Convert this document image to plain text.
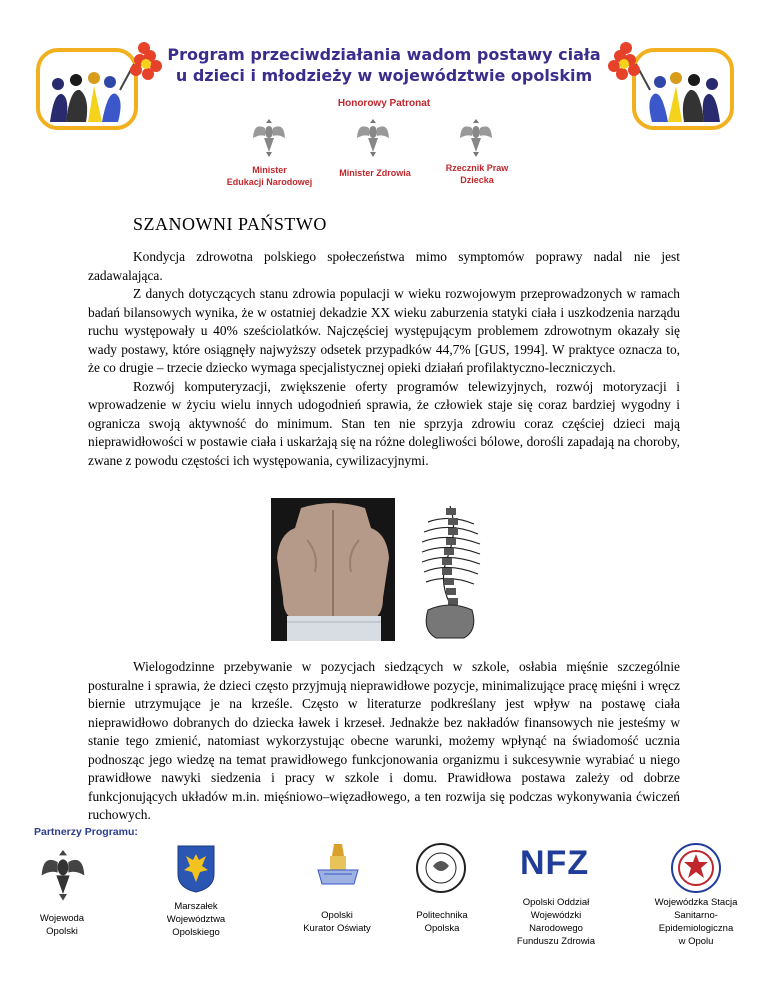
Program przeciwdziałania wadom postawy ciała
u dzieci i młodzieży w województwie opolskim
Honorowy Patronat
Minister
Edukacji Narodowej
Minister Zdrowia	Rzecznik Praw
Dziecka
SZANOWNI PAŃSTWO

Kondycja zdrowotna polskiego społeczeństwa mimo symptomów poprawy nadal nie jest zadawalająca.

Z danych dotyczących stanu zdrowia populacji w wieku rozwojowym przeprowadzonych w ramach badań bilansowych wynika, że w ostatniej dekadzie XX wieku zaburzenia statyki ciała i uszkodzenia narządu ruchu występowały u 40% sześciolatków. Najczęściej występującym problemem zdrowotnym okazały się wady postawy, które osiągnęły najwyższy odsetek przypadków 44,7% [GUS, 1994]. W praktyce oznacza to, że co drugie – trzecie dziecko wymaga specjalistycznej opieki działań profilaktyczno-leczniczych.

Rozwój komputeryzacji, zwiększenie oferty programów telewizyjnych, rozwój motoryzacji i wprowadzenie w życiu wielu innych udogodnień sprawia, że człowiek staje się coraz bardziej wygodny i ogranicza swoją aktywność do minimum. Stan ten nie sprzyja zdrowiu coraz częściej dzieci mają nieprawidłowości w postawie ciała i uskarżają się na różne dolegliwości bólowe, dorośli zapadają na choroby, zwane z powodu częstości ich występowania, cywilizacyjnymi.

Wielogodzinne przebywanie w pozycjach siedzących w szkole, osłabia mięśnie szczególnie posturalne i sprawia, że dzieci często przyjmują nieprawidłowe pozycje, minimalizujące pracę mięśni i wręcz biernie utrzymujące je na krześle. Często w literaturze podkreślany jest wpływ na postawę ciała nieprawidłowo dobranych do dziecka ławek i krzeseł. Jednakże bez nakładów finansowych nie jesteśmy w stanie tego zmienić, natomiast wykorzystując obecne warunki, możemy wpłynąć na świadomość ucznia podnosząc jego wiedzę na temat prawidłowego funkcjonowania organizmu i sukcesywnie wyrabiać u niego prawidłowe nawyki siedzenia i pracy w szkole i domu. Prawidłowa postawa zależy od dobrze funkcjonujących układów m.in. mięśniowo–więzadłowego, a ten rozwija się podczas wykonywania ćwiczeń ruchowych.

Partnerzy Programu:
NFZ
Wojewoda
Opolski
Marszałek
Województwa
Opolskiego
Opolski
Kurator Oświaty
Politechnika
Opolska
Opolski Oddział
Wojewódzki
Narodowego
Funduszu Zdrowia
Wojewódzka Stacja
Sanitarno-
Epidemiologiczna
w Opolu
